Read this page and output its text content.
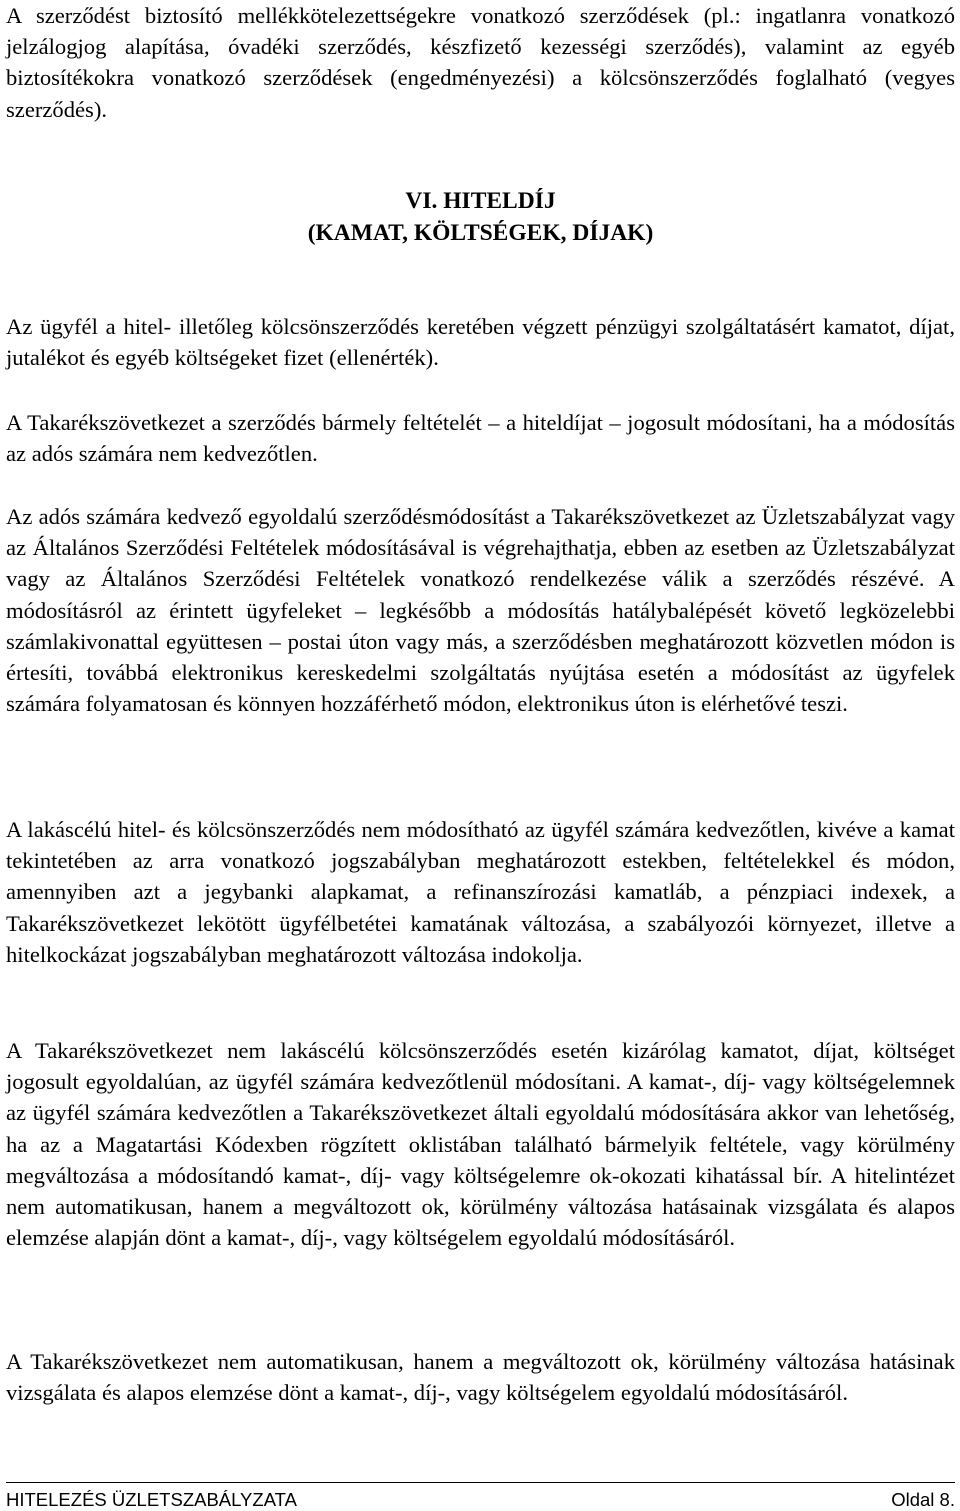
A szerződést biztosító mellékkötelezettségekre vonatkozó szerződések (pl.: ingatlanra vonatkozó jelzálogjog alapítása, óvadéki szerződés, készfizető kezességi szerződés), valamint az egyéb biztosítékokra vonatkozó szerződések (engedményezési) a kölcsönszerződés foglalható (vegyes szerződés).

VI. HITELDÍJ
(KAMAT, KÖLTSÉGEK, DÍJAK)

Az ügyfél a hitel- illetőleg kölcsönszerződés keretében végzett pénzügyi szolgáltatásért kamatot, díjat, jutalékot és egyéb költségeket fizet (ellenérték).

A Takarékszövetkezet a szerződés bármely feltételét – a hiteldíjat – jogosult módosítani, ha a módosítás az adós számára nem kedvezőtlen.

Az adós számára kedvező egyoldalú szerződésmódosítást a Takarékszövetkezet az Üzletszabályzat vagy az Általános Szerződési Feltételek módosításával is végrehajthatja, ebben az esetben az Üzletszabályzat vagy az Általános Szerződési Feltételek vonatkozó rendelkezése válik a szerződés részévé. A módosításról az érintett ügyfeleket – legkésőbb a módosítás hatálybalépését követő legközelebbi számlakivonattal együttesen – postai úton vagy más, a szerződésben meghatározott közvetlen módon is értesíti, továbbá elektronikus kereskedelmi szolgáltatás nyújtása esetén a módosítást az ügyfelek számára folyamatosan és könnyen hozzáférhető módon, elektronikus úton is elérhetővé teszi.

A lakáscélú hitel- és kölcsönszerződés nem módosítható az ügyfél számára kedvezőtlen, kivéve a kamat tekintetében az arra vonatkozó jogszabályban meghatározott estekben, feltételekkel és módon, amennyiben azt a jegybanki alapkamat, a refinanszírozási kamatláb, a pénzpiaci indexek, a Takarékszövetkezet lekötött ügyfélbetétei kamatának változása, a szabályozói környezet, illetve a hitelkockázat jogszabályban meghatározott változása indokolja.

A Takarékszövetkezet nem lakáscélú kölcsönszerződés esetén kizárólag kamatot, díjat, költséget jogosult egyoldalúan, az ügyfél számára kedvezőtlenül módosítani. A kamat-, díj- vagy költségelemnek az ügyfél számára kedvezőtlen a Takarékszövetkezet általi egyoldalú módosítására akkor van lehetőség, ha az a Magatartási Kódexben rögzített oklistában található bármelyik feltétele, vagy körülmény megváltozása a módosítandó kamat-, díj- vagy költségelemre ok-okozati kihatással bír. A hitelintézet nem automatikusan, hanem a megváltozott ok, körülmény változása hatásainak vizsgálata és alapos elemzése alapján dönt a kamat-, díj-, vagy költségelem egyoldalú módosításáról.

A Takarékszövetkezet nem automatikusan, hanem a megváltozott ok, körülmény változása hatásinak vizsgálata és alapos elemzése dönt a kamat-, díj-, vagy költségelem egyoldalú módosításáról.

HITELEZÉS ÜZLETSZABÁLYZATA	Oldal 8.
